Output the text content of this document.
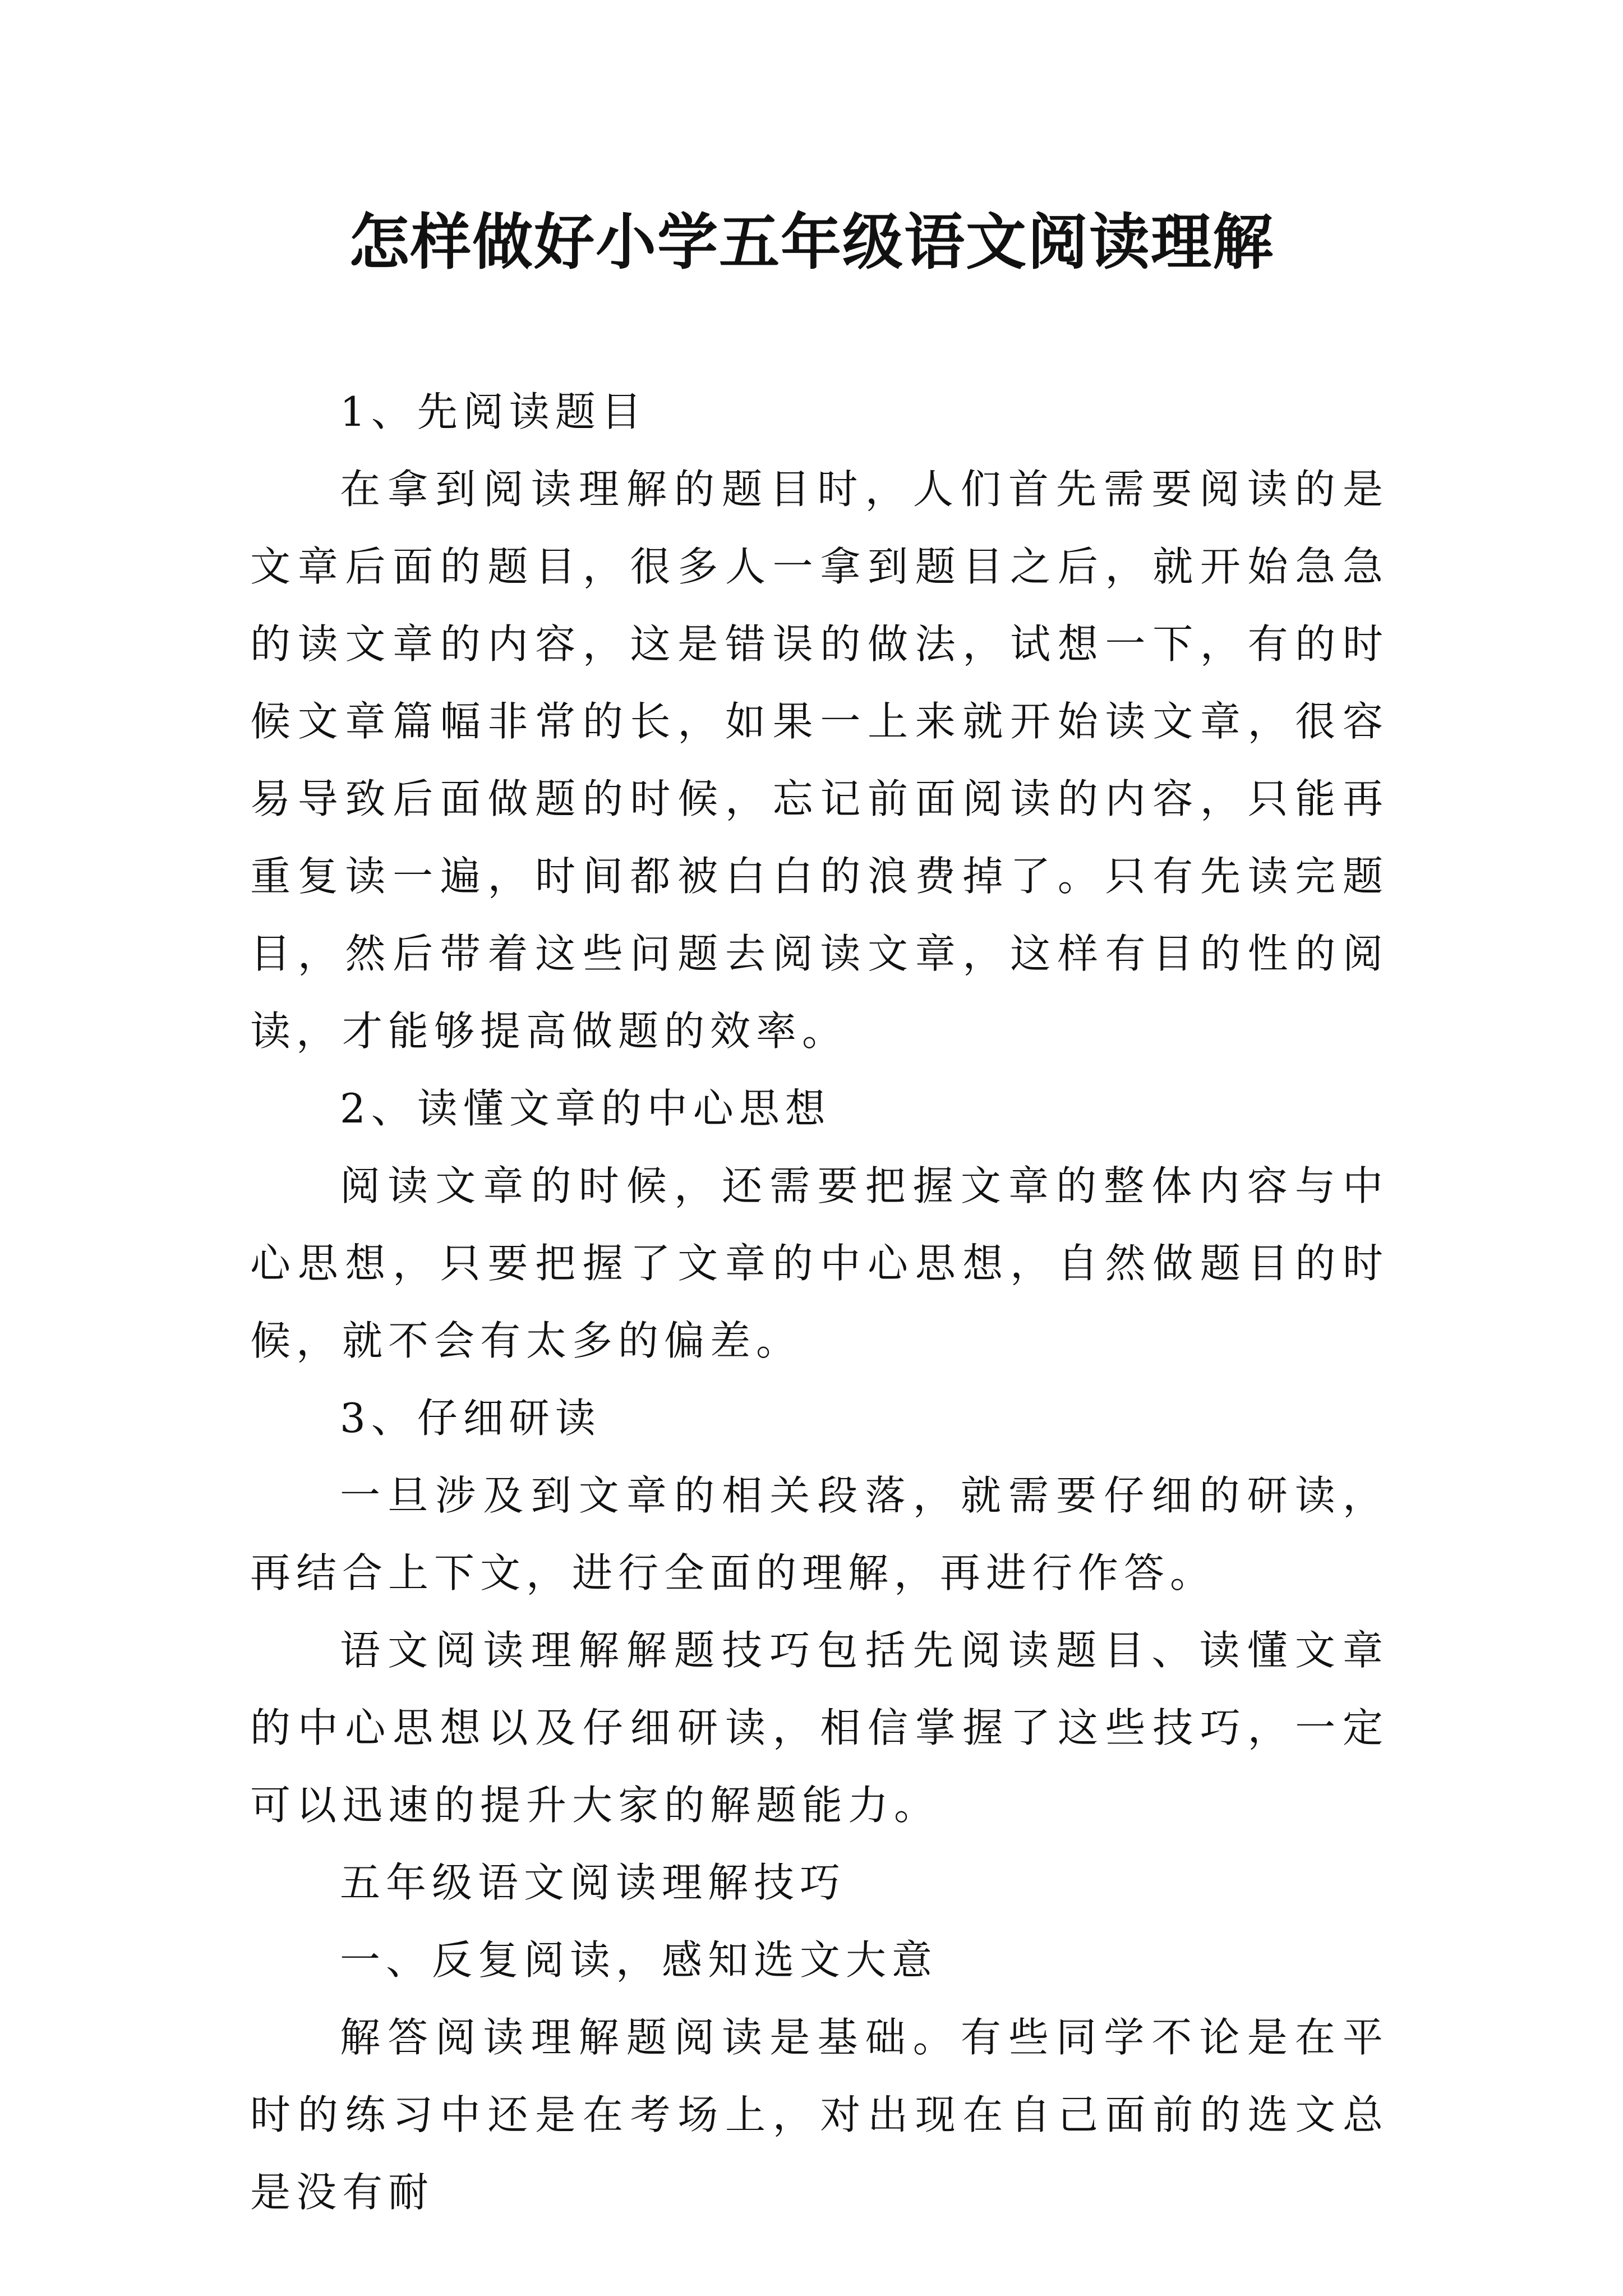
怎样做好小学五年级语文阅读理解

1、先阅读题目

在拿到阅读理解的题目时，人们首先需要阅读的是文章后面的题目，很多人一拿到题目之后，就开始急急的读文章的内容，这是错误的做法，试想一下，有的时候文章篇幅非常的长，如果一上来就开始读文章，很容易导致后面做题的时候，忘记前面阅读的内容，只能再重复读一遍，时间都被白白的浪费掉了。只有先读完题目，然后带着这些问题去阅读文章，这样有目的性的阅读，才能够提高做题的效率。

2、读懂文章的中心思想

阅读文章的时候，还需要把握文章的整体内容与中心思想，只要把握了文章的中心思想，自然做题目的时候，就不会有太多的偏差。

3、仔细研读

一旦涉及到文章的相关段落，就需要仔细的研读，再结合上下文，进行全面的理解，再进行作答。

语文阅读理解解题技巧包括先阅读题目、读懂文章的中心思想以及仔细研读，相信掌握了这些技巧，一定可以迅速的提升大家的解题能力。

五年级语文阅读理解技巧

一、反复阅读，感知选文大意

解答阅读理解题阅读是基础。有些同学不论是在平时的练习中还是在考场上，对出现在自己面前的选文总是没有耐
